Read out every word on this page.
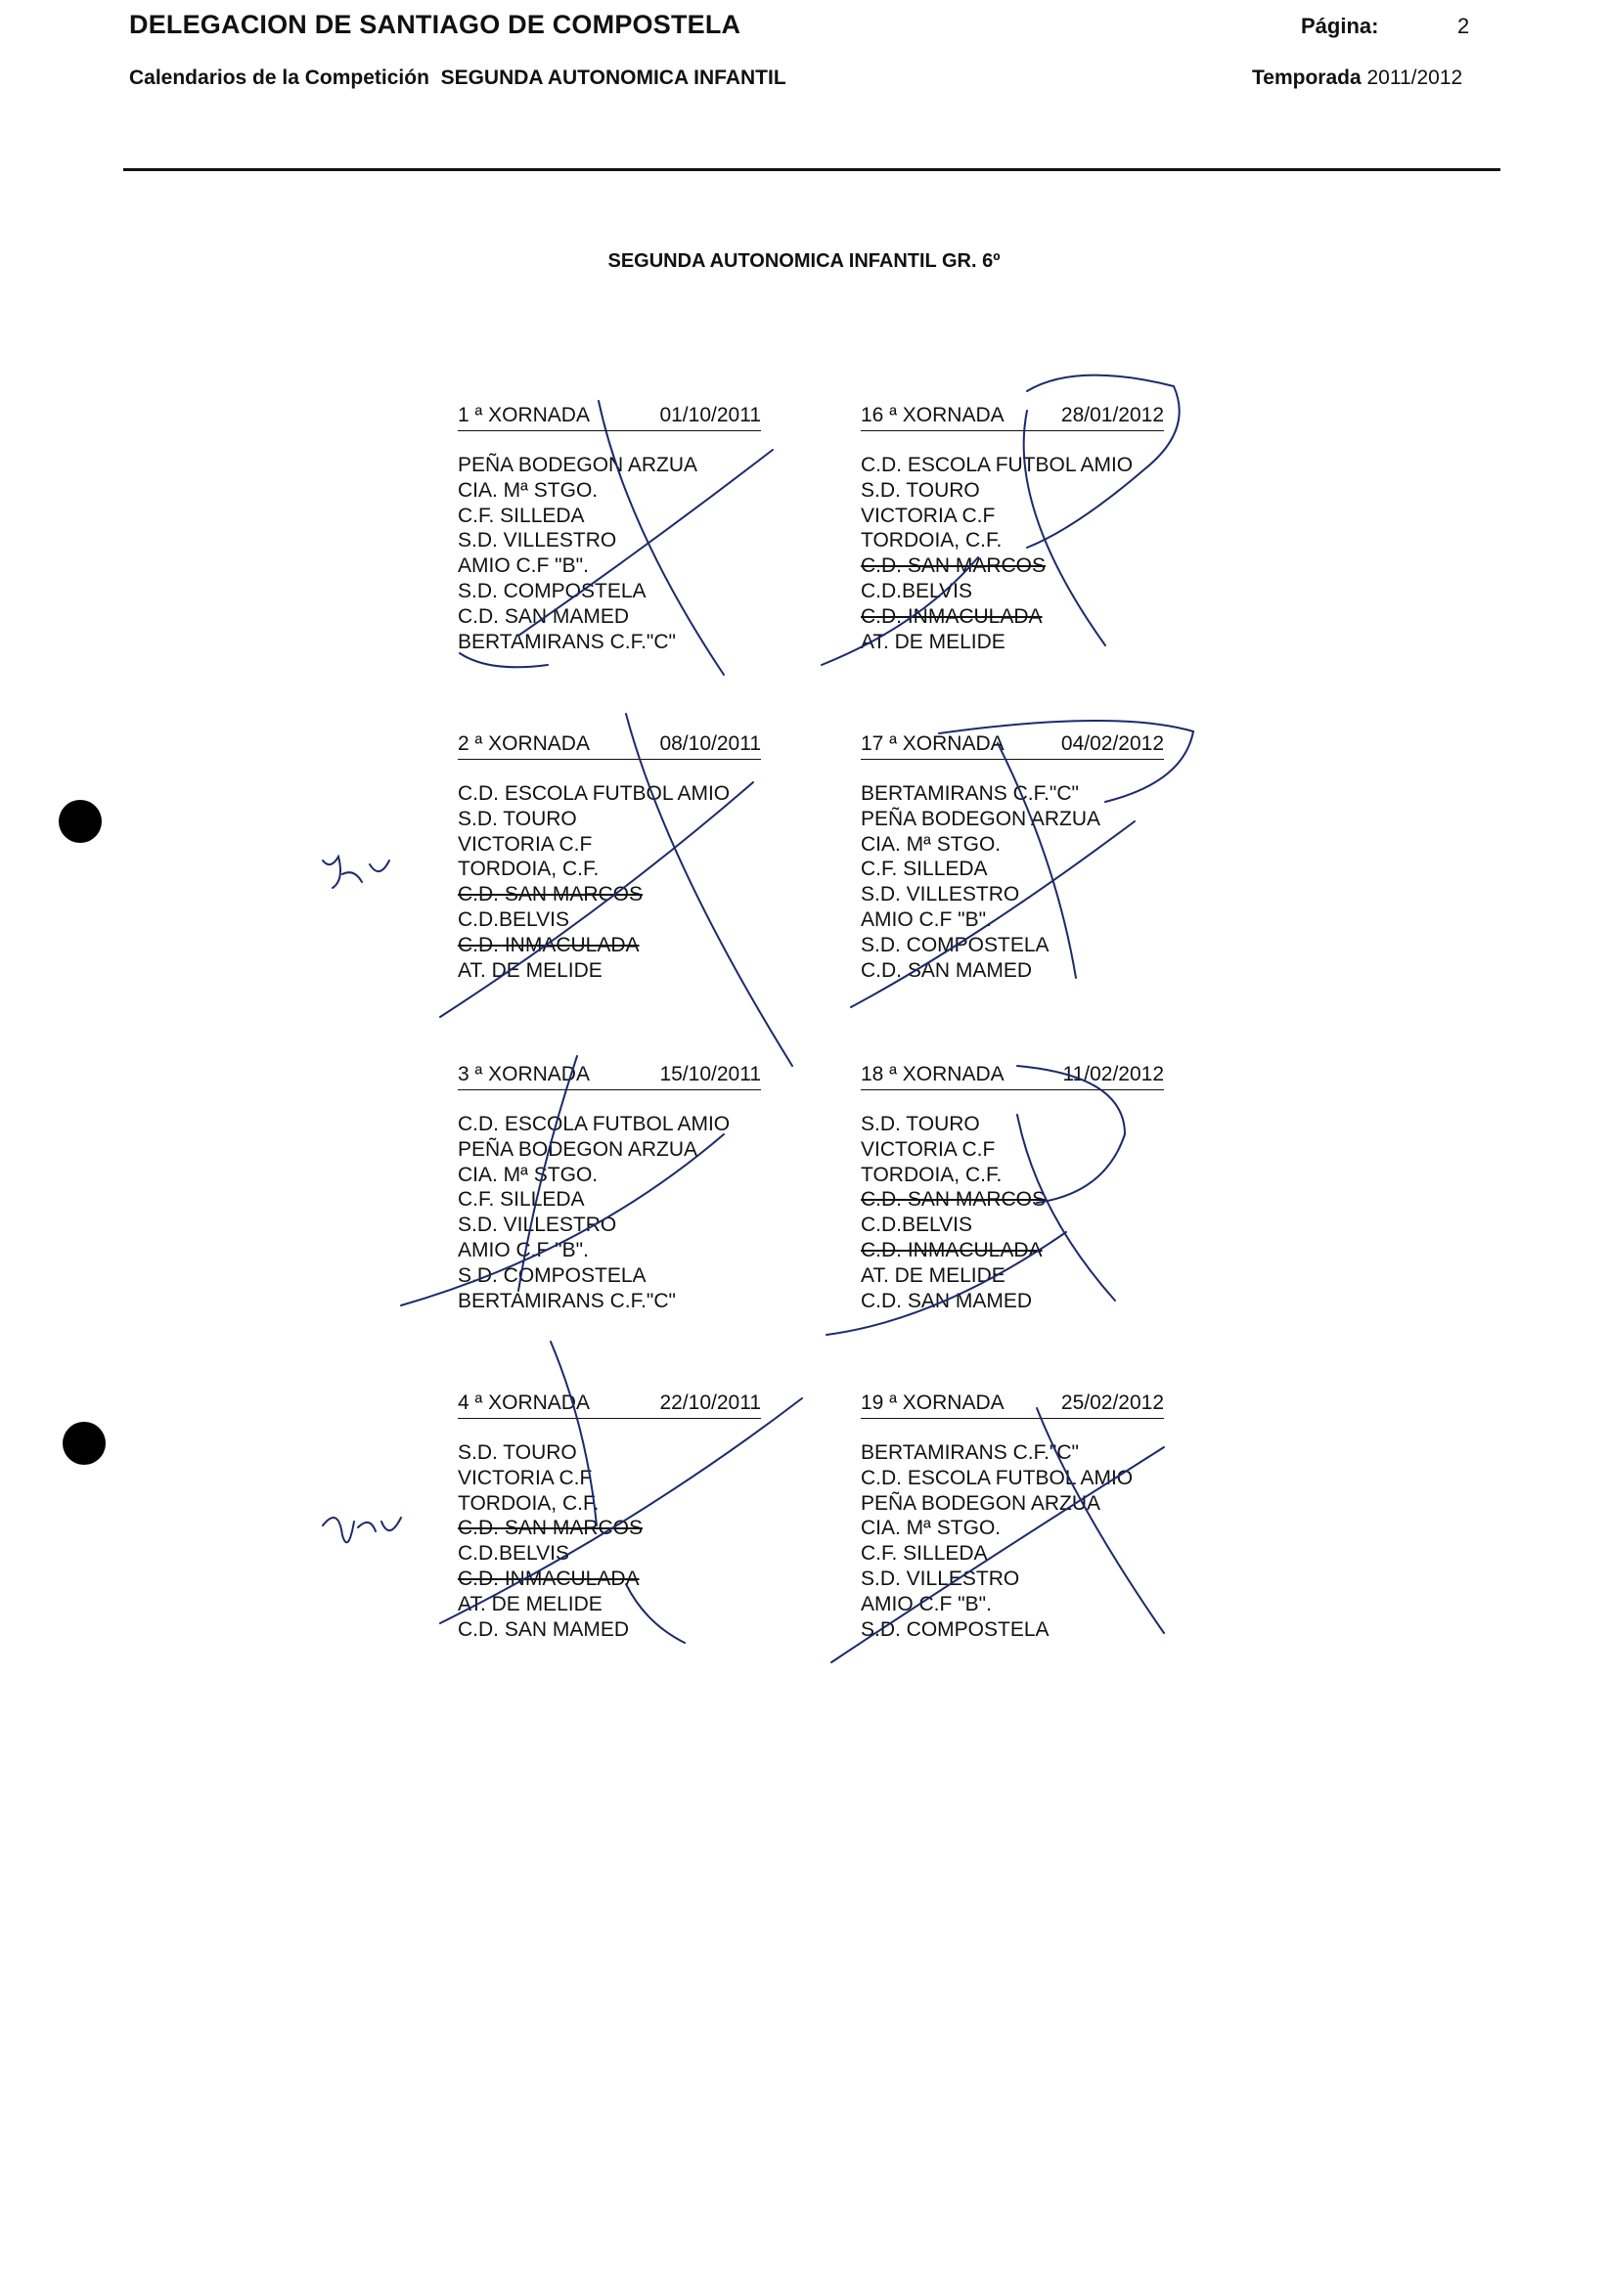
DELEGACION DE SANTIAGO DE COMPOSTELA	Página:	2
Calendarios de la Competición  SEGUNDA AUTONOMICA INFANTIL	Temporada 2011/2012
SEGUNDA AUTONOMICA INFANTIL GR. 6º
1 ª XORNADA	01/10/2011
PEÑA BODEGON ARZUA
CIA. Mª STGO.
C.F. SILLEDA
S.D. VILLESTRO
AMIO C.F "B".
S.D. COMPOSTELA
C.D. SAN MAMED
BERTAMIRANS C.F."C"
16 ª XORNADA	28/01/2012
C.D. ESCOLA FUTBOL AMIO
S.D. TOURO
VICTORIA C.F
TORDOIA, C.F.
C.D. SAN MARCOS
C.D.BELVIS
C.D. INMACULADA
AT. DE MELIDE
2 ª XORNADA	08/10/2011
C.D. ESCOLA FUTBOL AMIO
S.D. TOURO
VICTORIA C.F
TORDOIA, C.F.
C.D. SAN MARCOS
C.D.BELVIS
C.D. INMACULADA
AT. DE MELIDE
17 ª XORNADA	04/02/2012
BERTAMIRANS C.F."C"
PEÑA BODEGON ARZUA
CIA. Mª STGO.
C.F. SILLEDA
S.D. VILLESTRO
AMIO C.F "B".
S.D. COMPOSTELA
C.D. SAN MAMED
3 ª XORNADA	15/10/2011
C.D. ESCOLA FUTBOL AMIO
PEÑA BODEGON ARZUA
CIA. Mª STGO.
C.F. SILLEDA
S.D. VILLESTRO
AMIO C.F "B".
S.D. COMPOSTELA
BERTAMIRANS C.F."C"
18 ª XORNADA	11/02/2012
S.D. TOURO
VICTORIA C.F
TORDOIA, C.F.
C.D. SAN MARCOS
C.D.BELVIS
C.D. INMACULADA
AT. DE MELIDE
C.D. SAN MAMED
4 ª XORNADA	22/10/2011
S.D. TOURO
VICTORIA C.F
TORDOIA, C.F.
C.D. SAN MARCOS
C.D.BELVIS
C.D. INMACULADA
AT. DE MELIDE
C.D. SAN MAMED
19 ª XORNADA	25/02/2012
BERTAMIRANS C.F."C"
C.D. ESCOLA FUTBOL AMIO
PEÑA BODEGON ARZUA
CIA. Mª STGO.
C.F. SILLEDA
S.D. VILLESTRO
AMIO C.F "B".
S.D. COMPOSTELA
